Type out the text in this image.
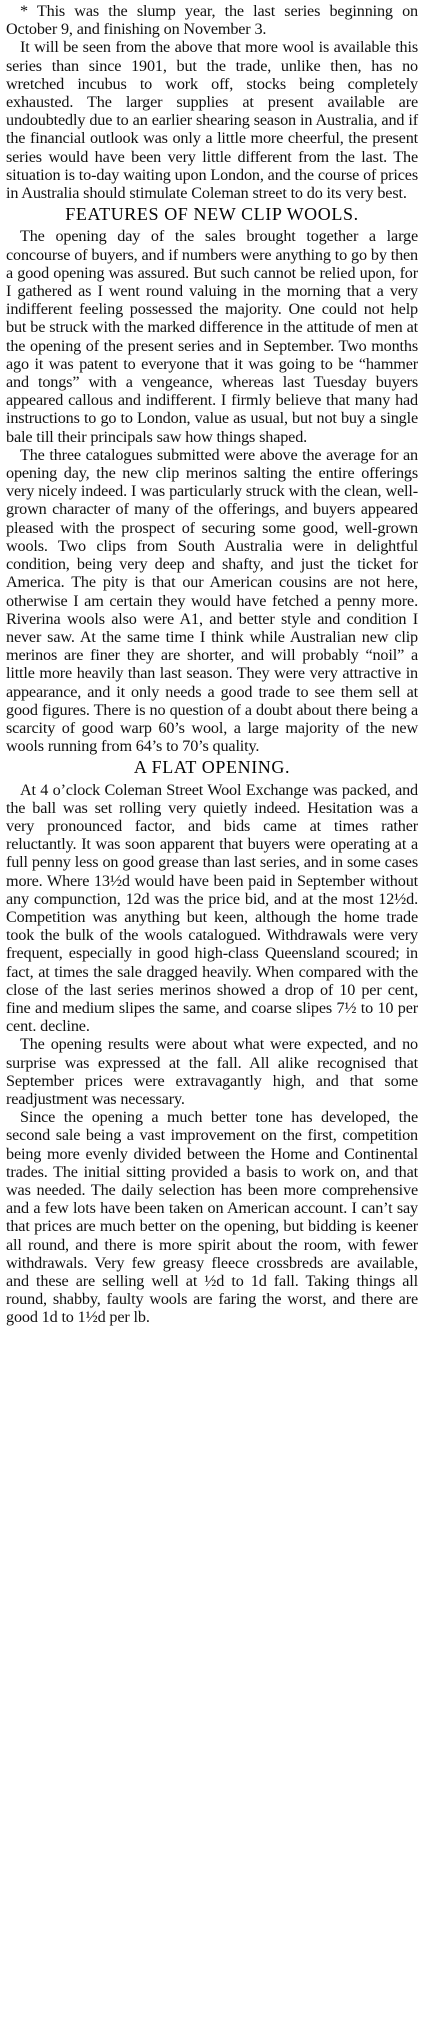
* This was the slump year, the last series beginning on October 9, and finishing on November 3.

It will be seen from the above that more wool is available this series than since 1901, but the trade, unlike then, has no wretched incubus to work off, stocks being completely exhausted. The larger supplies at present available are undoubtedly due to an earlier shearing season in Australia, and if the financial outlook was only a little more cheerful, the present series would have been very little different from the last. The situation is to-day waiting upon London, and the course of prices in Australia should stimulate Coleman street to do its very best.

FEATURES OF NEW CLIP WOOLS.

The opening day of the sales brought together a large concourse of buyers, and if numbers were anything to go by then a good opening was assured. But such cannot be relied upon, for I gathered as I went round valuing in the morning that a very indifferent feeling possessed the majority. One could not help but be struck with the marked difference in the attitude of men at the opening of the present series and in September. Two months ago it was patent to everyone that it was going to be “hammer and tongs” with a vengeance, whereas last Tuesday buyers appeared callous and indifferent. I firmly believe that many had instructions to go to London, value as usual, but not buy a single bale till their principals saw how things shaped.

The three catalogues submitted were above the average for an opening day, the new clip merinos salting the entire offerings very nicely indeed. I was particularly struck with the clean, well-grown character of many of the offerings, and buyers appeared pleased with the prospect of securing some good, well-grown wools. Two clips from South Australia were in delightful condition, being very deep and shafty, and just the ticket for America. The pity is that our American cousins are not here, otherwise I am certain they would have fetched a penny more. Riverina wools also were A1, and better style and condition I never saw. At the same time I think while Australian new clip merinos are finer they are shorter, and will probably “noil” a little more heavily than last season. They were very attractive in appearance, and it only needs a good trade to see them sell at good figures. There is no question of a doubt about there being a scarcity of good warp 60’s wool, a large majority of the new wools running from 64’s to 70’s quality.

A FLAT OPENING.

At 4 o’clock Coleman Street Wool Exchange was packed, and the ball was set rolling very quietly indeed. Hesitation was a very pronounced factor, and bids came at times rather reluctantly. It was soon apparent that buyers were operating at a full penny less on good grease than last series, and in some cases more. Where 13½d would have been paid in September without any compunction, 12d was the price bid, and at the most 12½d. Competition was anything but keen, although the home trade took the bulk of the wools catalogued. Withdrawals were very frequent, especially in good high-class Queensland scoured; in fact, at times the sale dragged heavily. When compared with the close of the last series merinos showed a drop of 10 per cent, fine and medium slipes the same, and coarse slipes 7½ to 10 per cent. decline.

The opening results were about what were expected, and no surprise was expressed at the fall. All alike recognised that September prices were extravagantly high, and that some readjustment was necessary.

Since the opening a much better tone has developed, the second sale being a vast improvement on the first, competition being more evenly divided between the Home and Continental trades. The initial sitting provided a basis to work on, and that was needed. The daily selection has been more comprehensive and a few lots have been taken on American account. I can’t say that prices are much better on the opening, but bidding is keener all round, and there is more spirit about the room, with fewer withdrawals. Very few greasy fleece crossbreds are available, and these are selling well at ½d to 1d fall. Taking things all round, shabby, faulty wools are faring the worst, and there are good 1d to 1½d per lb.
